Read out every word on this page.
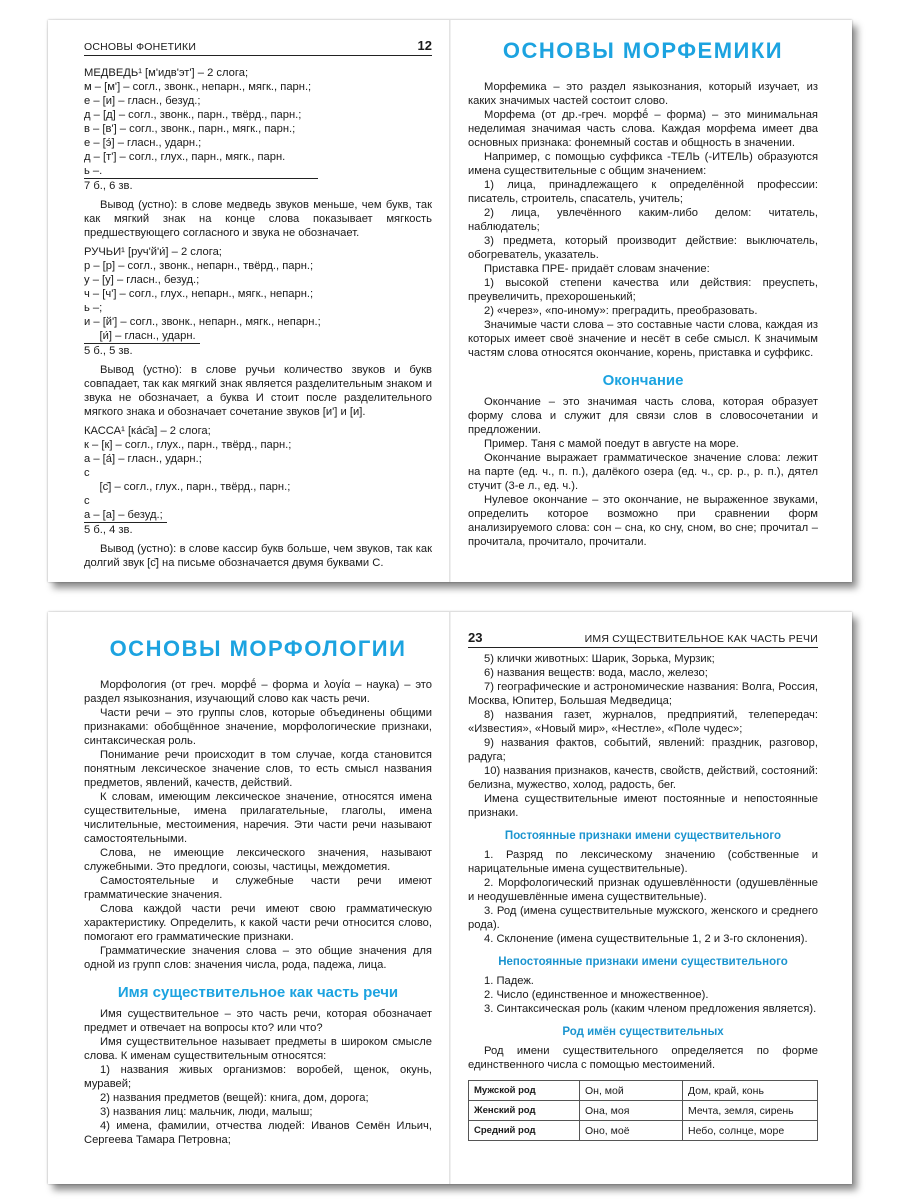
ОСНОВЫ ФОНЕТИКИ	12

МЕДВЕДЬ¹ [м'идв'эт'] – 2 слога;

м – [м'] – согл., звонк., непарн., мягк., парн.;

е – [и] – гласн., безуд.;

д – [д] – согл., звонк., парн., твёрд., парн.;

в – [в'] – согл., звонк., парн., мягк., парн.;

е – [э́] – гласн., ударн.;

д – [т'] – согл., глух., парн., мягк., парн.

ь –.

7 б., 6 зв.

Вывод (устно): в слове медведь звуков меньше, чем букв, так как мягкий знак на конце слова показывает мягкость предшествующего согласного и звука не обозначает.

РУЧЬИ¹ [руч'й'и́] – 2 слога;

р – [р] – согл., звонк., непарн., твёрд., парн.;

у – [у] – гласн., безуд.;

ч – [ч'] – согл., глух., непарн., мягк., непарн.;

ь –;

и – [й'] – согл., звонк., непарн., мягк., непарн.;

[и́] – гласн., ударн.

5 б., 5 зв.

Вывод (устно): в слове ручьи количество звуков и букв совпадает, так как мягкий знак является разделительным знаком и звука не обозначает, а буква И стоит после разделительного мягкого знака и обозначает сочетание звуков [и'] и [и].

КАССА¹ [ка́с̄а] – 2 слога;

к – [к] – согл., глух., парн., твёрд., парн.;

а – [а́] – гласн., ударн.;

с

[с̄] – согл., глух., парн., твёрд., парн.;

с

а – [а] – безуд.;

5 б., 4 зв.

Вывод (устно): в слове кассир букв больше, чем звуков, так как долгий звук [с̄] на письме обозначается двумя буквами С.

ОСНОВЫ МОРФЕМИКИ

Морфемика – это раздел языкознания, который изучает, из каких значимых частей состоит слово.

Морфема (от др.-греч. морфḗ – форма) – это минимальная неделимая значимая часть слова. Каждая морфема имеет два основных признака: фонемный состав и общность в значении.

Например, с помощью суффикса -ТЕЛЬ (-ИТЕЛЬ) образуются имена существительные с общим значением:

1) лица, принадлежащего к определённой профессии: писатель, строитель, спасатель, учитель;

2) лица, увлечённого каким-либо делом: читатель, наблюдатель;

3) предмета, который производит действие: выключатель, обогреватель, указатель.

Приставка ПРЕ- придаёт словам значение:

1) высокой степени качества или действия: преуспеть, преувеличить, прехорошенький;

2) «через», «по-иному»: преградить, преобразовать.

Значимые части слова – это составные части слова, каждая из которых имеет своё значение и несёт в себе смысл. К значимым частям слова относятся окончание, корень, приставка и суффикс.

Окончание

Окончание – это значимая часть слова, которая образует форму слова и служит для связи слов в словосочетании и предложении.

Пример. Таня с мамой поедут в августе на море.

Окончание выражает грамматическое значение слова: лежит на парте (ед. ч., п. п.), далёкого озера (ед. ч., ср. р., р. п.), дятел стучит (3-е л., ед. ч.).

Нулевое окончание – это окончание, не выраженное звуками, определить которое возможно при сравнении форм анализируемого слова: сон – сна, ко сну, сном, во сне; прочитал – прочитала, прочитало, прочитали.

ОСНОВЫ МОРФОЛОГИИ

Морфология (от греч. морфḗ – форма и λογία – наука) – это раздел языкознания, изучающий слово как часть речи.

Части речи – это группы слов, которые объединены общими признаками: обобщённое значение, морфологические признаки, синтаксическая роль.

Понимание речи происходит в том случае, когда становится понятным лексическое значение слов, то есть смысл названия предметов, явлений, качеств, действий.

К словам, имеющим лексическое значение, относятся имена существительные, имена прилагательные, глаголы, имена числительные, местоимения, наречия. Эти части речи называют самостоятельными.

Слова, не имеющие лексического значения, называют служебными. Это предлоги, союзы, частицы, междометия.

Самостоятельные и служебные части речи имеют грамматические значения.

Слова каждой части речи имеют свою грамматическую характеристику. Определить, к какой части речи относится слово, помогают его грамматические признаки.

Грамматические значения слова – это общие значения для одной из групп слов: значения числа, рода, падежа, лица.

Имя существительное как часть речи

Имя существительное – это часть речи, которая обозначает предмет и отвечает на вопросы кто? или что?

Имя существительное называет предметы в широком смысле слова. К именам существительным относятся:

1) названия живых организмов: воробей, щенок, окунь, муравей;

2) названия предметов (вещей): книга, дом, дорога;

3) названия лиц: мальчик, люди, малыш;

4) имена, фамилии, отчества людей: Иванов Семён Ильич, Сергеева Тамара Петровна;

23	ИМЯ СУЩЕСТВИТЕЛЬНОЕ КАК ЧАСТЬ РЕЧИ

5) клички животных: Шарик, Зорька, Мурзик;

6) названия веществ: вода, масло, железо;

7) географические и астрономические названия: Волга, Россия, Москва, Юпитер, Большая Медведица;

8) названия газет, журналов, предприятий, телепередач: «Известия», «Новый мир», «Нестле», «Поле чудес»;

9) названия фактов, событий, явлений: праздник, разговор, радуга;

10) названия признаков, качеств, свойств, действий, состояний: белизна, мужество, холод, радость, бег.

Имена существительные имеют постоянные и непостоянные признаки.

Постоянные признаки имени существительного

1. Разряд по лексическому значению (собственные и нарицательные имена существительные).

2. Морфологический признак одушевлённости (одушевлённые и неодушевлённые имена существительные).

3. Род (имена существительные мужского, женского и среднего рода).

4. Склонение (имена существительные 1, 2 и 3-го склонения).

Непостоянные признаки имени существительного

1. Падеж.

2. Число (единственное и множественное).

3. Синтаксическая роль (каким членом предложения является).

Род имён существительных

Род имени существительного определяется по форме единственного числа с помощью местоимений.

Мужской род	Он, мой	Дом, край, конь
Женский род	Она, моя	Мечта, земля, сирень
Средний род	Оно, моё	Небо, солнце, море
